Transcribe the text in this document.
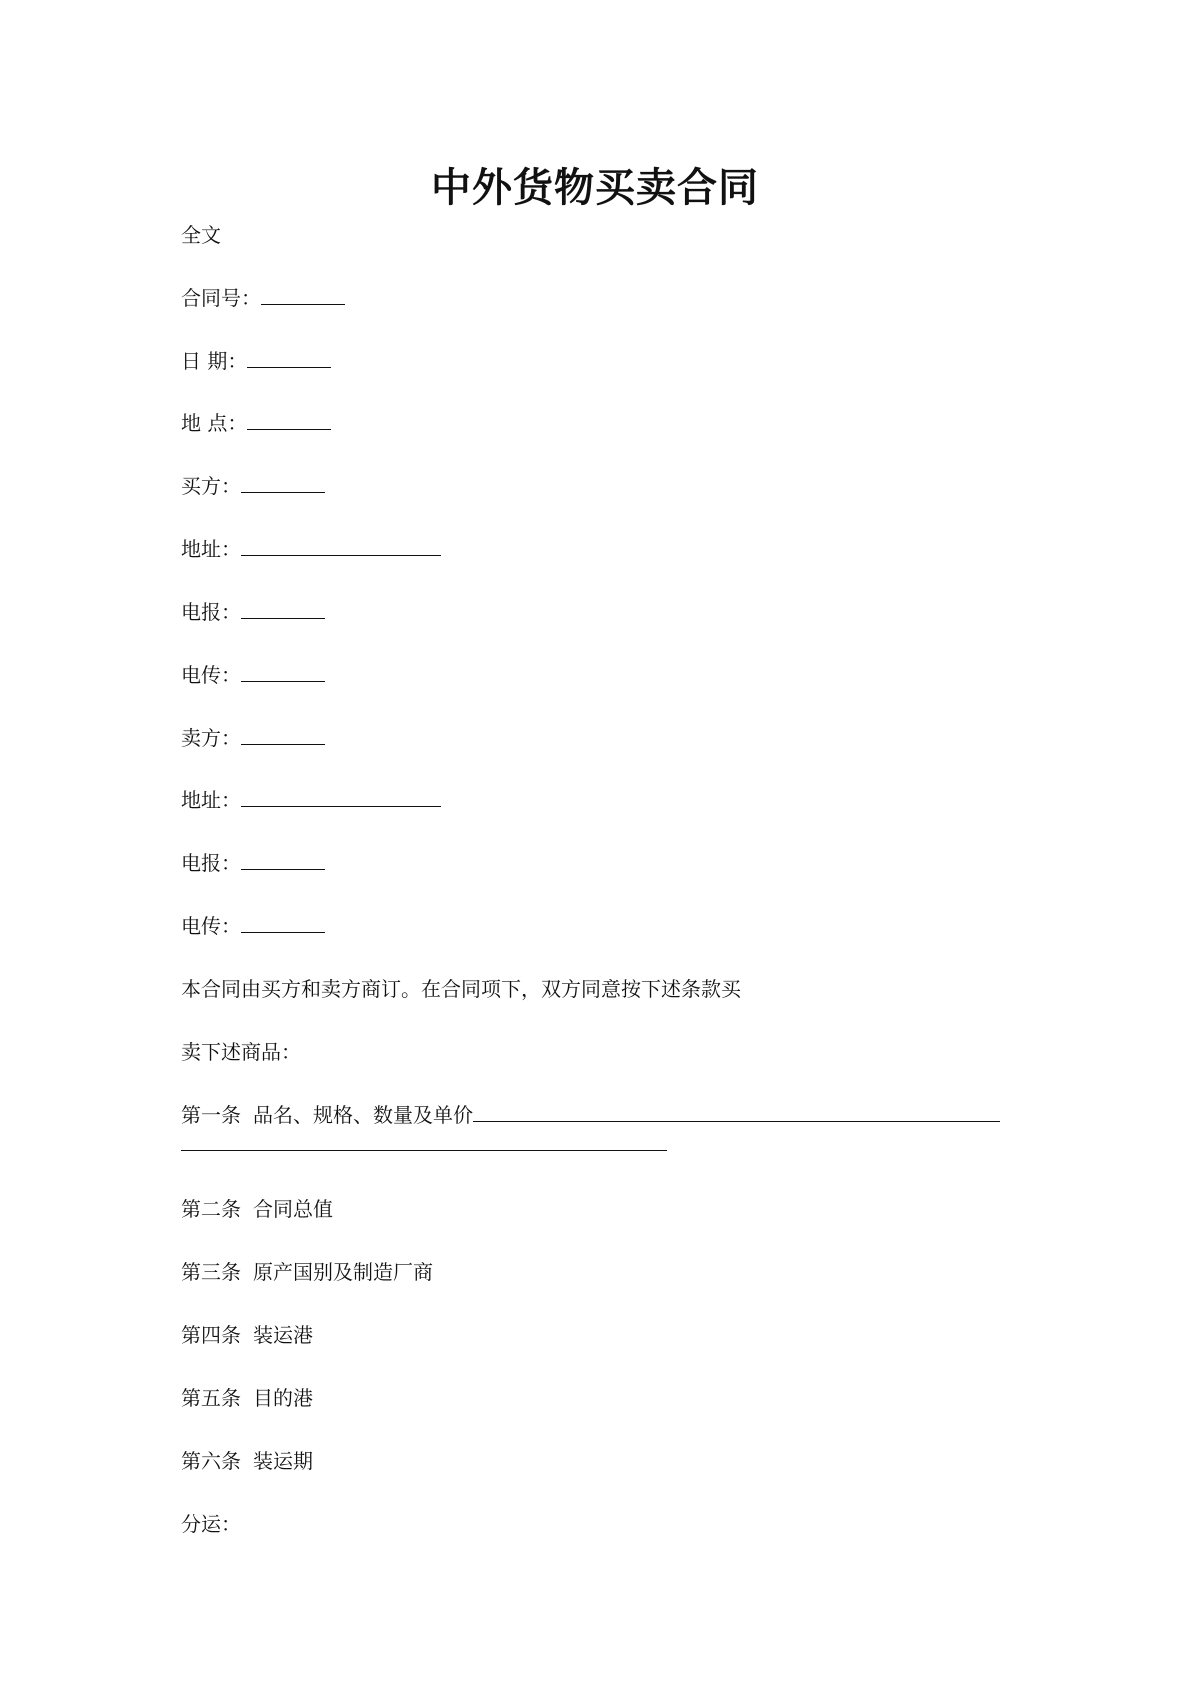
中外货物买卖合同
全文
合同号：
日 期：
地 点：
买方：
地址：
电报：
电传：
卖方：
地址：
电报：
电传：
本合同由买方和卖方商订。在合同项下，双方同意按下述条款买
卖下述商品：
第一条 品名、规格、数量及单价
第二条 合同总值
第三条 原产国别及制造厂商
第四条 装运港
第五条 目的港
第六条 装运期
分运：
